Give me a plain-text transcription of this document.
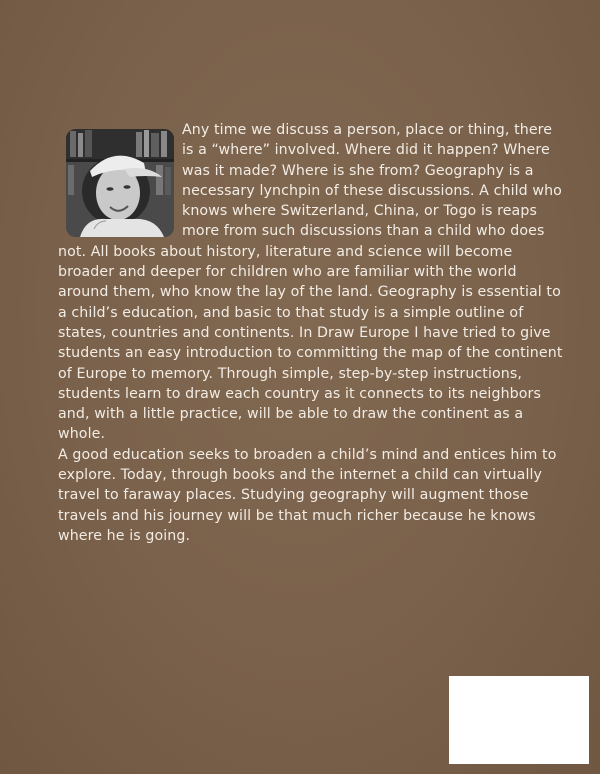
Any time we discuss a person, place or thing, there is a “where” involved. Where did it happen? Where was it made? Where is she from? Geography is a necessary lynchpin of these discussions. A child who knows where Switzerland, China, or Togo is reaps more from such discussions than a child who does not. All books about history, literature and science will become broader and deeper for children who are familiar with the world around them, who know the lay of the land. Geography is essential to a child’s education, and basic to that study is a simple outline of states, countries and continents. In Draw Europe I have tried to give students an easy introduction to committing the map of the continent of Europe to memory. Through simple, step-by-step instructions, students learn to draw each country as it connects to its neighbors and, with a little practice, will be able to draw the continent as a whole.

A good education seeks to broaden a child’s mind and entices him to explore. Today, through books and the internet a child can virtually travel to faraway places. Studying geography will augment those travels and his journey will be that much richer because he knows where he is going.
